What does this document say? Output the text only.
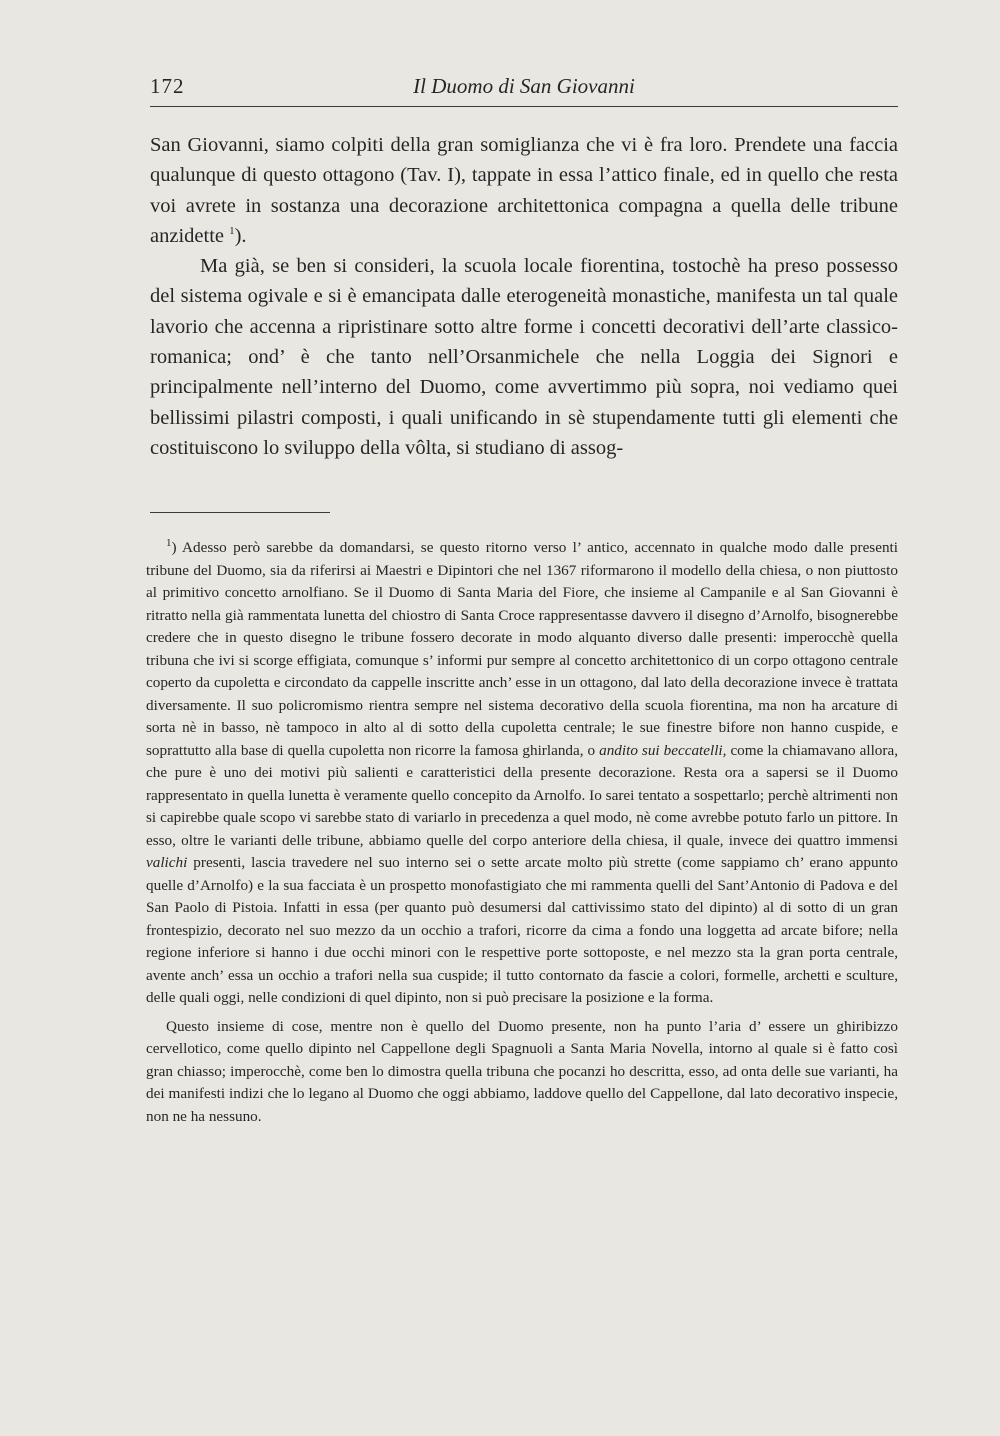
172	Il Duomo di San Giovanni

San Giovanni, siamo colpiti della gran somiglianza che vi è fra loro. Prendete una faccia qualunque di questo ottagono (Tav. I), tappate in essa l’attico finale, ed in quello che resta voi avrete in sostanza una decorazione architettonica compagna a quella delle tribune anzidette $^1$).

Ma già, se ben si consideri, la scuola locale fiorentina, tostochè ha preso possesso del sistema ogivale e si è emancipata dalle eterogeneità monastiche, manifesta un tal quale lavorio che accenna a ripristinare sotto altre forme i concetti decorativi dell’arte classico-romanica; ond’ è che tanto nell’Orsanmichele che nella Loggia dei Signori e principalmente nell’interno del Duomo, come avvertimmo più sopra, noi vediamo quei bellissimi pilastri composti, i quali unificando in sè stupendamente tutti gli elementi che costituiscono lo sviluppo della vôlta, si studiano di assog-

$^1$) Adesso però sarebbe da domandarsi, se questo ritorno verso l’ antico, accennato in qualche modo dalle presenti tribune del Duomo, sia da riferirsi ai Maestri e Dipintori che nel 1367 riformarono il modello della chiesa, o non piuttosto al primitivo concetto arnolfiano. Se il Duomo di Santa Maria del Fiore, che insieme al Campanile e al San Giovanni è ritratto nella già rammentata lunetta del chiostro di Santa Croce rappresentasse davvero il disegno d’Arnolfo, bisognerebbe credere che in questo disegno le tribune fossero decorate in modo alquanto diverso dalle presenti: imperocchè quella tribuna che ivi si scorge effigiata, comunque s’ informi pur sempre al concetto architettonico di un corpo ottagono centrale coperto da cupoletta e circondato da cappelle inscritte anch’ esse in un ottagono, dal lato della decorazione invece è trattata diversamente. Il suo policromismo rientra sempre nel sistema decorativo della scuola fiorentina, ma non ha arcature di sorta nè in basso, nè tampoco in alto al di sotto della cupoletta centrale; le sue finestre bifore non hanno cuspide, e soprattutto alla base di quella cupoletta non ricorre la famosa ghirlanda, o andito sui beccatelli, come la chiamavano allora, che pure è uno dei motivi più salienti e caratteristici della presente decorazione. Resta ora a sapersi se il Duomo rappresentato in quella lunetta è veramente quello concepito da Arnolfo. Io sarei tentato a sospettarlo; perchè altrimenti non si capirebbe quale scopo vi sarebbe stato di variarlo in precedenza a quel modo, nè come avrebbe potuto farlo un pittore. In esso, oltre le varianti delle tribune, abbiamo quelle del corpo anteriore della chiesa, il quale, invece dei quattro immensi valichi presenti, lascia travedere nel suo interno sei o sette arcate molto più strette (come sappiamo ch’ erano appunto quelle d’Arnolfo) e la sua facciata è un prospetto monofastigiato che mi rammenta quelli del Sant’Antonio di Padova e del San Paolo di Pistoia. Infatti in essa (per quanto può desumersi dal cattivissimo stato del dipinto) al di sotto di un gran frontespizio, decorato nel suo mezzo da un occhio a trafori, ricorre da cima a fondo una loggetta ad arcate bifore; nella regione inferiore si hanno i due occhi minori con le respettive porte sottoposte, e nel mezzo sta la gran porta centrale, avente anch’ essa un occhio a trafori nella sua cuspide; il tutto contornato da fascie a colori, formelle, archetti e sculture, delle quali oggi, nelle condizioni di quel dipinto, non si può precisare la posizione e la forma.

Questo insieme di cose, mentre non è quello del Duomo presente, non ha punto l’aria d’ essere un ghiribizzo cervellotico, come quello dipinto nel Cappellone degli Spagnuoli a Santa Maria Novella, intorno al quale si è fatto così gran chiasso; imperocchè, come ben lo dimostra quella tribuna che pocanzi ho descritta, esso, ad onta delle sue varianti, ha dei manifesti indizi che lo legano al Duomo che oggi abbiamo, laddove quello del Cappellone, dal lato decorativo inspecie, non ne ha nessuno.
